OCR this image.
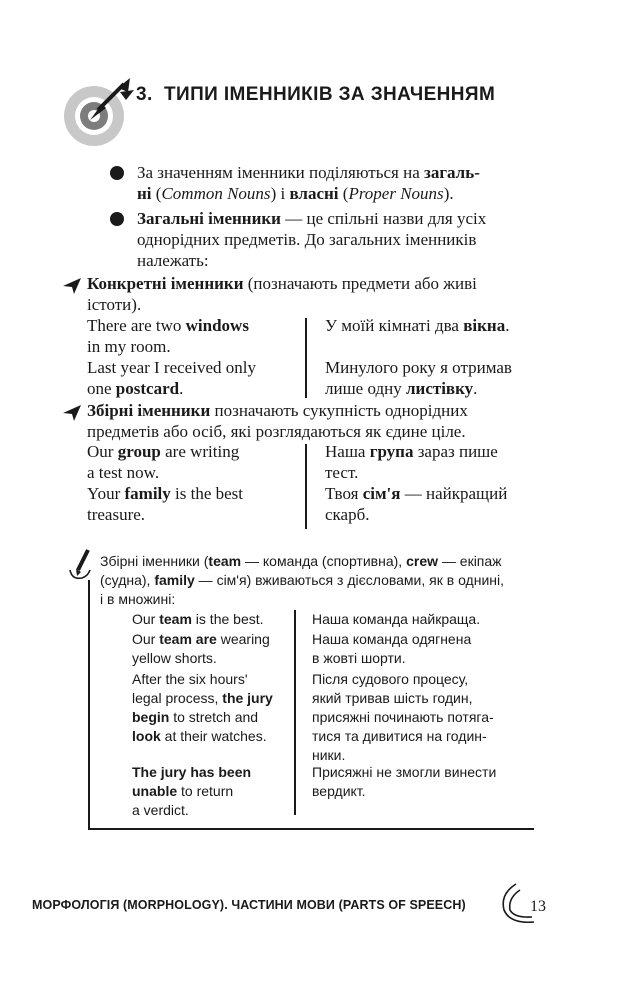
3. ТИПИ ІМЕННИКІВ ЗА ЗНАЧЕННЯМ
За значенням іменники поділяються на загаль-
ні (Common Nouns) і власні (Proper Nouns).
Загальні іменники — це спільні назви для усіх
однорідних предметів. До загальних іменників
належать:
Конкретні іменники (позначають предмети або живі
істоти).
There are two windows
in my room.
У моїй кімнаті два вікна.
Last year I received only
one postcard.
Минулого року я отримав
лише одну листівку.
Збірні іменники позначають сукупність однорідних
предметів або осіб, які розглядаються як єдине ціле.
Our group are writing
a test now.
Наша група зараз пише
тест.
Your family is the best
treasure.
Твоя сім'я — найкращий
скарб.
Збірні іменники (team — команда (спортивна), crew — екіпаж
(судна), family — сім'я) вживаються з дієсловами, як в однині,
і в множині:
Our team is the best.	Наша команда найкраща.
Our team are wearing
yellow shorts.
Наша команда одягнена
в жовті шорти.
After the six hours'
legal process, the jury
begin to stretch and
look at their watches.
Після судового процесу,
який тривав шість годин,
присяжні починають потяга-
тися та дивитися на годин-
ники.
The jury has been
unable to return
a verdict.
Присяжні не змогли винести
вердикт.
МОРФОЛОГІЯ (MORPHOLOGY). ЧАСТИНИ МОВИ (PARTS OF SPEECH)	13
